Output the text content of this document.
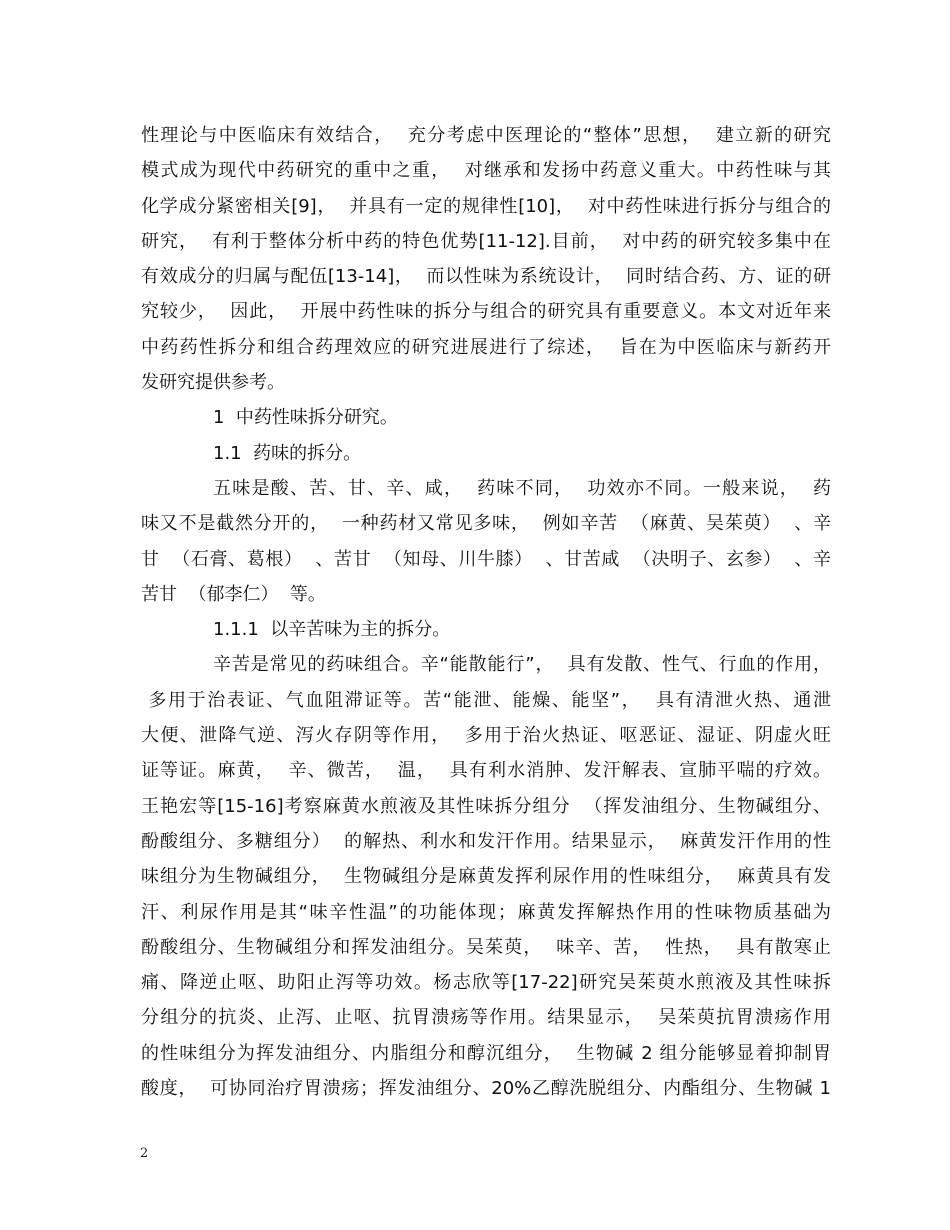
性理论与中医临床有效结合，  充分考虑中医理论的“整体”思想，  建立新的研究
模式成为现代中药研究的重中之重，  对继承和发扬中药意义重大。中药性味与其
化学成分紧密相关[9]，  并具有一定的规律性[10]，  对中药性味进行拆分与组合的
研究，  有利于整体分析中药的特色优势[11-12].目前，  对中药的研究较多集中在
有效成分的归属与配伍[13-14]，  而以性味为系统设计，  同时结合药、方、证的研
究较少，  因此，  开展中药性味的拆分与组合的研究具有重要意义。本文对近年来
中药药性拆分和组合药理效应的研究进展进行了综述，  旨在为中医临床与新药开
发研究提供参考。
1  中药性味拆分研究。
1.1  药味的拆分。
五味是酸、苦、甘、辛、咸，  药味不同，  功效亦不同。一般来说，  药
味又不是截然分开的，  一种药材又常见多味，  例如辛苦  （麻黄、吴茱萸）  、辛
甘  （石膏、葛根）  、苦甘  （知母、川牛膝）  、甘苦咸  （决明子、玄参）  、辛
苦甘  （郁李仁）  等。
1.1.1  以辛苦味为主的拆分。
辛苦是常见的药味组合。辛“能散能行”，  具有发散、性气、行血的作用，
多用于治表证、气血阻滞证等。苦“能泄、能燥、能坚”，  具有清泄火热、通泄
大便、泄降气逆、泻火存阴等作用，  多用于治火热证、呕恶证、湿证、阴虚火旺
证等证。麻黄，  辛、微苦，  温，  具有利水消肿、发汗解表、宣肺平喘的疗效。
王艳宏等[15-16]考察麻黄水煎液及其性味拆分组分  （挥发油组分、生物碱组分、
酚酸组分、多糖组分）  的解热、利水和发汗作用。结果显示，  麻黄发汗作用的性
味组分为生物碱组分，  生物碱组分是麻黄发挥利尿作用的性味组分，  麻黄具有发
汗、利尿作用是其“味辛性温”的功能体现；麻黄发挥解热作用的性味物质基础为
酚酸组分、生物碱组分和挥发油组分。吴茱萸，  味辛、苦，  性热，  具有散寒止
痛、降逆止呕、助阳止泻等功效。杨志欣等[17-22]研究吴茱萸水煎液及其性味拆
分组分的抗炎、止泻、止呕、抗胃溃疡等作用。结果显示，  吴茱萸抗胃溃疡作用
的性味组分为挥发油组分、内脂组分和醇沉组分，  生物碱 2 组分能够显着抑制胃
酸度，  可协同治疗胃溃疡；挥发油组分、20%乙醇洗脱组分、内酯组分、生物碱 1
2
